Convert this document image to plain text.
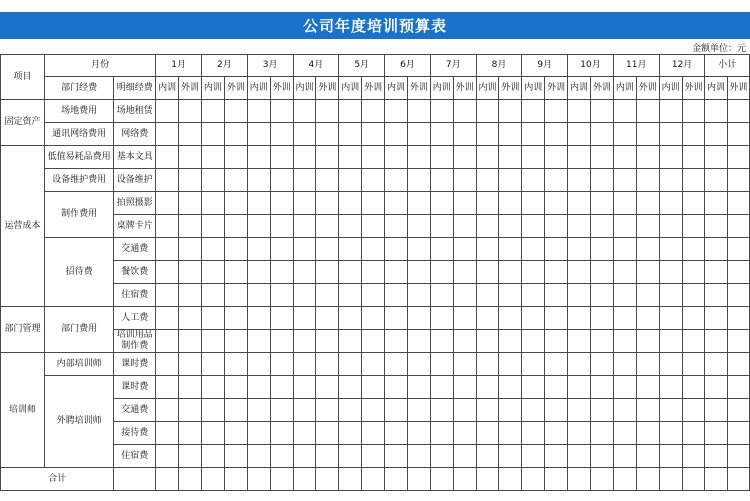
公司年度培训预算表
金额单位：元
项目	月份		1月		2月		3月		4月		5月		6月		7月		8月		9月		10月		11月		12月		小计	
	部门经费	明细经费	内训	外训	内训	外训	内训	外训	内训	外训	内训	外训	内训	外训	内训	外训	内训	外训	内训	外训	内训	外训	内训	外训	内训	外训	内训	外训
固定资产	场地费用	场地租赁																										
	通讯网络费用	网络费																										
运营成本	低值易耗品费用	基本文具																										
	设备维护费用	设备维护																										
	制作费用	拍照摄影																										
		桌牌卡片																										
	招待费	交通费																										
		餐饮费																										
		住宿费																										
部门管理	部门费用	人工费																										
		培训用品制作费																										
培训师	内部培训师	课时费																										
	外聘培训师	课时费																										
		交通费																										
		接待费																										
		住宿费																										
合计																												
